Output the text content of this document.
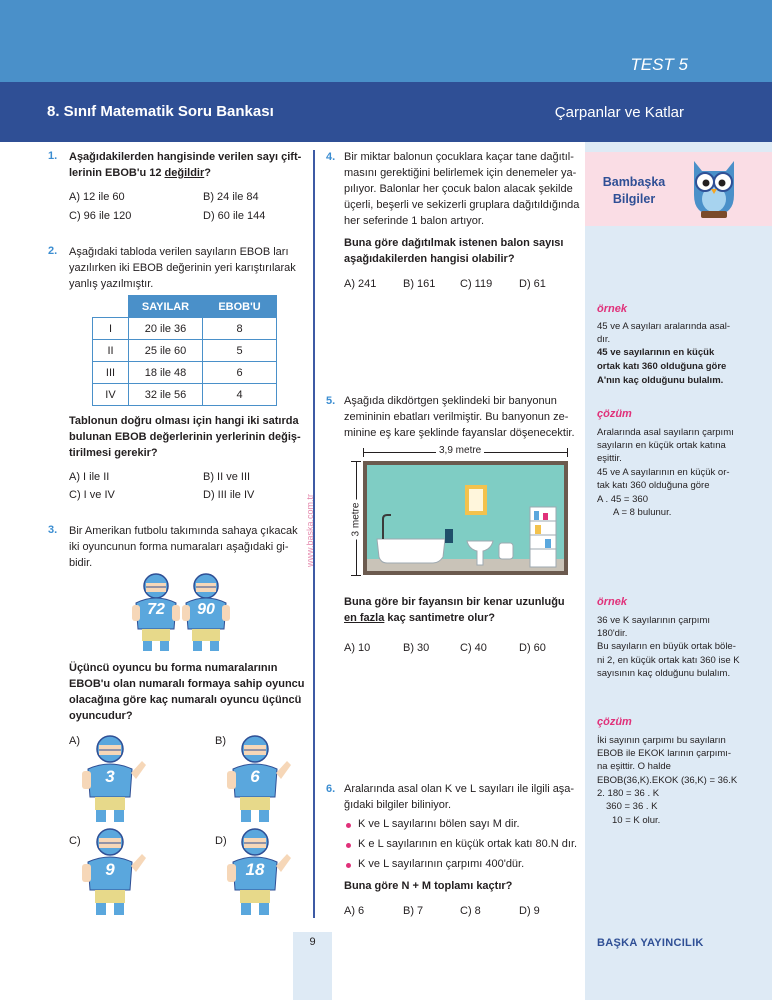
TEST 5
8. Sınıf Matematik Soru Bankası	Çarpanlar ve Katlar
Bambaşka
Bilgiler
örnek
45 ve A sayıları aralarında asal-
dır.
45 ve sayılarının en küçük
ortak katı 360 olduğuna göre
A'nın kaç olduğunu bulalım.
çözüm
Aralarında asal sayıların çarpımı
sayıların en küçük ortak katına
eşittir.
45 ve A sayılarının en küçük or-
tak katı 360 olduğuna göre
A . 45 = 360
A = 8 bulunur.
örnek
36 ve K sayılarının çarpımı
180'dir.
Bu sayıların en büyük ortak böle-
ni 2, en küçük ortak katı 360 ise K
sayısının kaç olduğunu bulalım.
çözüm
İki sayının çarpımı bu sayıların
EBOB ile EKOK larının çarpımı-
na eşittir. O halde
EBOB(36,K).EKOK (36,K) = 36.K
2. 180 = 36 . K
360 = 36 . K
10 = K olur.
www.baska.com.tr
1. Aşağıdakilerden hangisinde verilen sayı çift-
lerinin EBOB'u 12 değildir?
A) 12 ile 60	B) 24 ile 84
C) 96 ile 120	D) 60 ile 144
2. Aşağıdaki tabloda verilen sayıların EBOB ları
yazılırken iki EBOB değerinin yeri karıştırılarak
yanlış yazılmıştır.
	SAYILAR	EBOB'U
I	20 ile 36	8
II	25 ile 60	5
III	18 ile 48	6
IV	32 ile 56	4
Tablonun doğru olması için hangi iki satırda
bulunan EBOB değerlerinin yerlerinin değiş-
tirilmesi gerekir?
A) I ile II	B) II ve III
C) I ve IV	D) III ile IV
3. Bir Amerikan futbolu takımında sahaya çıkacak
iki oyuncunun forma numaraları aşağıdaki gi-
bidir.
72	90
Üçüncü oyuncu bu forma numaralarının
EBOB'u olan numaralı formaya sahip oyuncu
olacağına göre kaç numaralı oyuncu üçüncü
oyuncudur?
A)
3
B)
6
C)
9
D)
18
4. Bir miktar balonun çocuklara kaçar tane dağıtıl-
masını gerektiğini belirlemek için denemeler ya-
pılıyor. Balonlar her çocuk balon alacak şekilde
üçerli, beşerli ve sekizerli gruplara dağıtıldığında
her seferinde 1 balon artıyor.
Buna göre dağıtılmak istenen balon sayısı
aşağıdakilerden hangisi olabilir?
A) 241 B) 161 C) 119 D) 61
5. Aşağıda dikdörtgen şeklindeki bir banyonun
zemininin ebatları verilmiştir. Bu banyonun ze-
minine eş kare şeklinde fayanslar döşenecektir.
3,9 metre
3 metre
Buna göre bir fayansın bir kenar uzunluğu
en fazla kaç santimetre olur?
A) 10	B) 30	C) 40	D) 60
6. Aralarında asal olan K ve L sayıları ile ilgili aşa-
ğıdaki bilgiler biliniyor.
K ve L sayılarını bölen sayı M dir.
K e L sayılarının en küçük ortak katı 80.N dır.
K ve L sayılarının çarpımı 400'dür.
Buna göre N + M toplamı kaçtır?
A) 6	B) 7	C) 8	D) 9
9	BAŞKA YAYINCILIK
